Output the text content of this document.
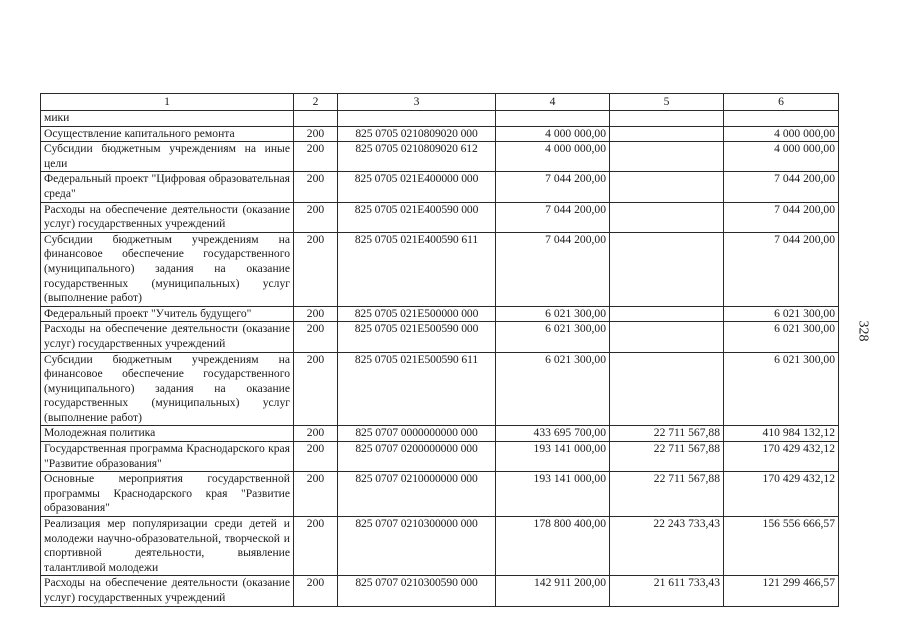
1	2	3	4	5	6
мики					
Осуществление капитального ремонта	200	825 0705 0210809020 000	4 000 000,00		4 000 000,00
Субсидии бюджетным учреждениям на иные цели	200	825 0705 0210809020 612	4 000 000,00		4 000 000,00
Федеральный проект "Цифровая образовательная среда"	200	825 0705 021E400000 000	7 044 200,00		7 044 200,00
Расходы на обеспечение деятельности (оказание услуг) государственных учреждений	200	825 0705 021E400590 000	7 044 200,00		7 044 200,00
Субсидии бюджетным учреждениям на финансовое обеспечение государственного (муниципального) задания на оказание государственных (муниципальных) услуг (выполнение работ)	200	825 0705 021E400590 611	7 044 200,00		7 044 200,00
Федеральный проект "Учитель будущего"	200	825 0705 021E500000 000	6 021 300,00		6 021 300,00
Расходы на обеспечение деятельности (оказание услуг) государственных учреждений	200	825 0705 021E500590 000	6 021 300,00		6 021 300,00
Субсидии бюджетным учреждениям на финансовое обеспечение государственного (муниципального) задания на оказание государственных (муниципальных) услуг (выполнение работ)	200	825 0705 021E500590 611	6 021 300,00		6 021 300,00
Молодежная политика	200	825 0707 0000000000 000	433 695 700,00	22 711 567,88	410 984 132,12
Государственная программа Краснодарского края "Развитие образования"	200	825 0707 0200000000 000	193 141 000,00	22 711 567,88	170 429 432,12
Основные мероприятия государственной программы Краснодарского края "Развитие образования"	200	825 0707 0210000000 000	193 141 000,00	22 711 567,88	170 429 432,12
Реализация мер популяризации среди детей и молодежи научно-образовательной, творческой и спортивной деятельности, выявление талантливой молодежи	200	825 0707 0210300000 000	178 800 400,00	22 243 733,43	156 556 666,57
Расходы на обеспечение деятельности (оказание услуг) государственных учреждений	200	825 0707 0210300590 000	142 911 200,00	21 611 733,43	121 299 466,57
328
